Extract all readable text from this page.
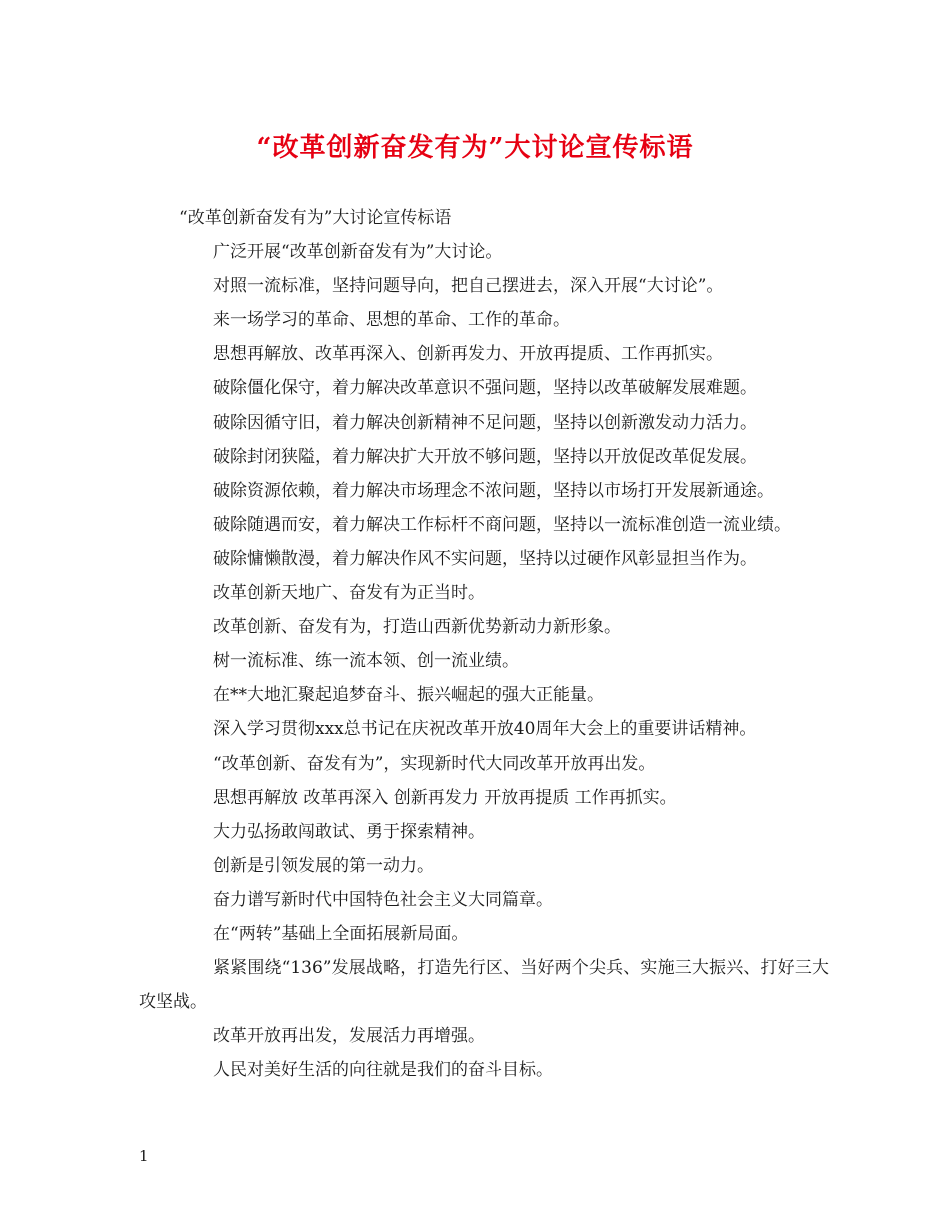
“改革创新奋发有为”大讨论宣传标语

“改革创新奋发有为”大讨论宣传标语

广泛开展“改革创新奋发有为”大讨论。

对照一流标准，坚持问题导向，把自己摆进去，深入开展“大讨论”。

来一场学习的革命、思想的革命、工作的革命。

思想再解放、改革再深入、创新再发力、开放再提质、工作再抓实。

破除僵化保守，着力解决改革意识不强问题，坚持以改革破解发展难题。

破除因循守旧，着力解决创新精神不足问题，坚持以创新激发动力活力。

破除封闭狭隘，着力解决扩大开放不够问题，坚持以开放促改革促发展。

破除资源依赖，着力解决市场理念不浓问题，坚持以市场打开发展新通途。

破除随遇而安，着力解决工作标杆不商问题，坚持以一流标准创造一流业绩。

破除慵懒散漫，着力解决作风不实问题，坚持以过硬作风彰显担当作为。

改革创新天地广、奋发有为正当时。

改革创新、奋发有为，打造山西新优势新动力新形象。

树一流标准、练一流本领、创一流业绩。

在**大地汇聚起追梦奋斗、振兴崛起的强大正能量。

深入学习贯彻xxx总书记在庆祝改革开放40周年大会上的重要讲话精神。

“改革创新、奋发有为”，实现新时代大同改革开放再出发。

思想再解放 改革再深入 创新再发力 开放再提质 工作再抓实。

大力弘扬敢闯敢试、勇于探索精神。

创新是引领发展的第一动力。

奋力谱写新时代中国特色社会主义大同篇章。

在“两转”基础上全面拓展新局面。

紧紧围绕“136”发展战略，打造先行区、当好两个尖兵、实施三大振兴、打好三大攻坚战。

改革开放再出发，发展活力再增强。

人民对美好生活的向往就是我们的奋斗目标。

1
